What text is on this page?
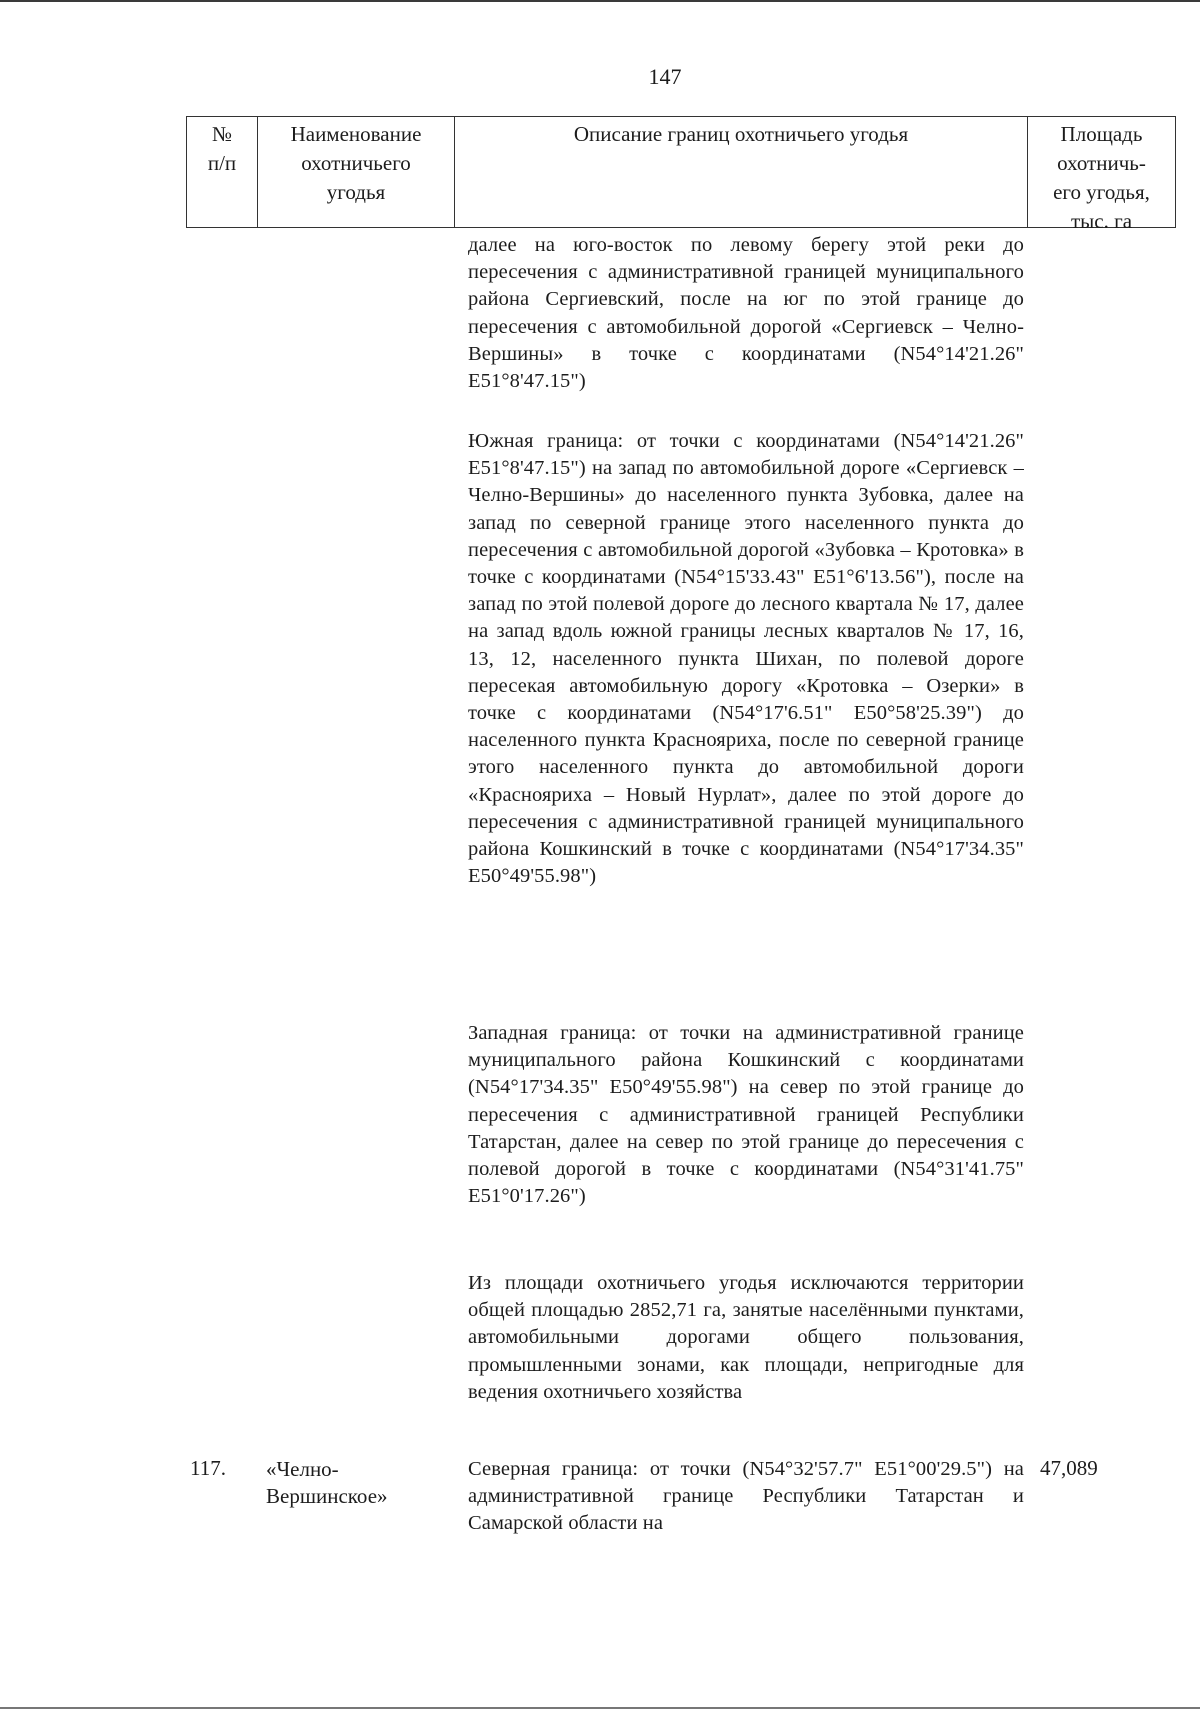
147
№
п/п
Наименование
охотничьего
угодья
Описание границ охотничьего угодья	Площадь
охотничь-
его угодья,
тыс. га

далее на юго-восток по левому берегу этой реки до пересечения с административной границей муниципального района Сергиевский, после на юг по этой границе до пересечения с автомобильной дорогой «Сергиевск – Челно-Вершины» в точке с координатами (N54°14'21.26" E51°8'47.15")

Южная граница: от точки с координатами (N54°14'21.26" E51°8'47.15") на запад по автомобильной дороге «Сергиевск – Челно-Вершины» до населенного пункта Зубовка, далее на запад по северной границе этого населенного пункта до пересечения с автомобильной дорогой «Зубовка – Кротовка» в точке с координатами (N54°15'33.43" E51°6'13.56"), после на запад по этой полевой дороге до лесного квартала № 17, далее на запад вдоль южной границы лесных кварталов № 17, 16, 13, 12, населенного пункта Шихан, по полевой дороге пересекая автомобильную дорогу «Кротовка – Озерки» в точке с координатами (N54°17'6.51" E50°58'25.39") до населенного пункта Краснояриха, после по северной границе этого населенного пункта до автомобильной дороги «Краснояриха – Новый Нурлат», далее по этой дороге до пересечения с административной границей муниципального района Кошкинский в точке с координатами (N54°17'34.35" E50°49'55.98")

Западная граница: от точки на административной границе муниципального района Кошкинский с координатами (N54°17'34.35" E50°49'55.98") на север по этой границе до пересечения с административной границей Республики Татарстан, далее на север по этой границе до пересечения с полевой дорогой в точке с координатами (N54°31'41.75" E51°0'17.26")

Из площади охотничьего угодья исключаются территории общей площадью 2852,71 га, занятые населёнными пунктами, автомобильными дорогами общего пользования, промышленными зонами, как площади, непригодные для ведения охотничьего хозяйства

117. «Челно-
Вершинское»

Северная граница: от точки (N54°32'57.7" E51°00'29.5") на административной границе Республики Татарстан и Самарской области на

47,089
